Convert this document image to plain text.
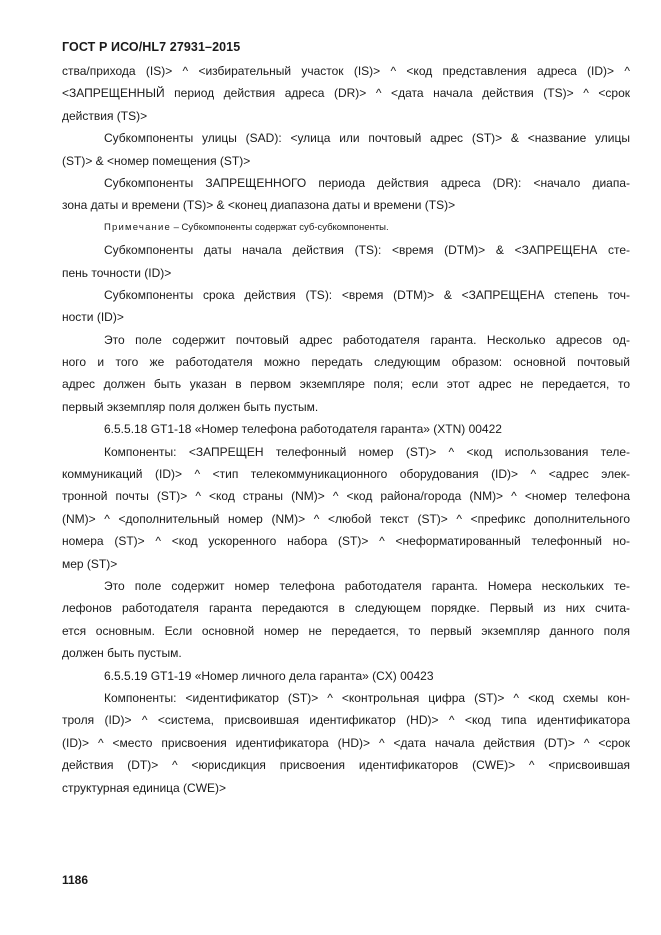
ГОСТ Р ИСО/HL7 27931–2015
ства/прихода (IS)> ^ <избирательный участок (IS)> ^ <код представления адреса (ID)> ^
<ЗАПРЕЩЕННЫЙ период действия адреса (DR)> ^ <дата начала действия (TS)> ^ <срок
действия (TS)>
Субкомпоненты улицы (SAD): <улица или почтовый адрес (ST)> & <название улицы
(ST)> & <номер помещения (ST)>
Субкомпоненты ЗАПРЕЩЕННОГО периода действия адреса (DR): <начало диапа-
зона даты и времени (TS)> & <конец диапазона даты и времени (TS)>
Примечание – Субкомпоненты содержат суб-субкомпоненты.
Субкомпоненты даты начала действия (TS): <время (DTM)> & <ЗАПРЕЩЕНА сте-
пень точности (ID)>
Субкомпоненты срока действия (TS): <время (DTM)> & <ЗАПРЕЩЕНА степень точ-
ности (ID)>
Это поле содержит почтовый адрес работодателя гаранта. Несколько адресов од-
ного и того же работодателя можно передать следующим образом: основной почтовый
адрес должен быть указан в первом экземпляре поля; если этот адрес не передается, то
первый экземпляр поля должен быть пустым.
6.5.5.18 GT1-18 «Номер телефона работодателя гаранта» (XTN) 00422
Компоненты: <ЗАПРЕЩЕН телефонный номер (ST)> ^ <код использования теле-
коммуникаций (ID)> ^ <тип телекоммуникационного оборудования (ID)> ^ <адрес элек-
тронной почты (ST)> ^ <код страны (NM)> ^ <код района/города (NM)> ^ <номер телефона
(NM)> ^ <дополнительный номер (NM)> ^ <любой текст (ST)> ^ <префикс дополнительного
номера (ST)> ^ <код ускоренного набора (ST)> ^ <неформатированный телефонный но-
мер (ST)>
Это поле содержит номер телефона работодателя гаранта. Номера нескольких те-
лефонов работодателя гаранта передаются в следующем порядке. Первый из них счита-
ется основным. Если основной номер не передается, то первый экземпляр данного поля
должен быть пустым.
6.5.5.19 GT1-19 «Номер личного дела гаранта» (CX) 00423
Компоненты: <идентификатор (ST)> ^ <контрольная цифра (ST)> ^ <код схемы кон-
троля (ID)> ^ <система, присвоившая идентификатор (HD)> ^ <код типа идентификатора
(ID)> ^ <место присвоения идентификатора (HD)> ^ <дата начала действия (DT)> ^ <срок
действия (DT)> ^ <юрисдикция присвоения идентификаторов (CWE)> ^ <присвоившая
структурная единица (CWE)>
1186
